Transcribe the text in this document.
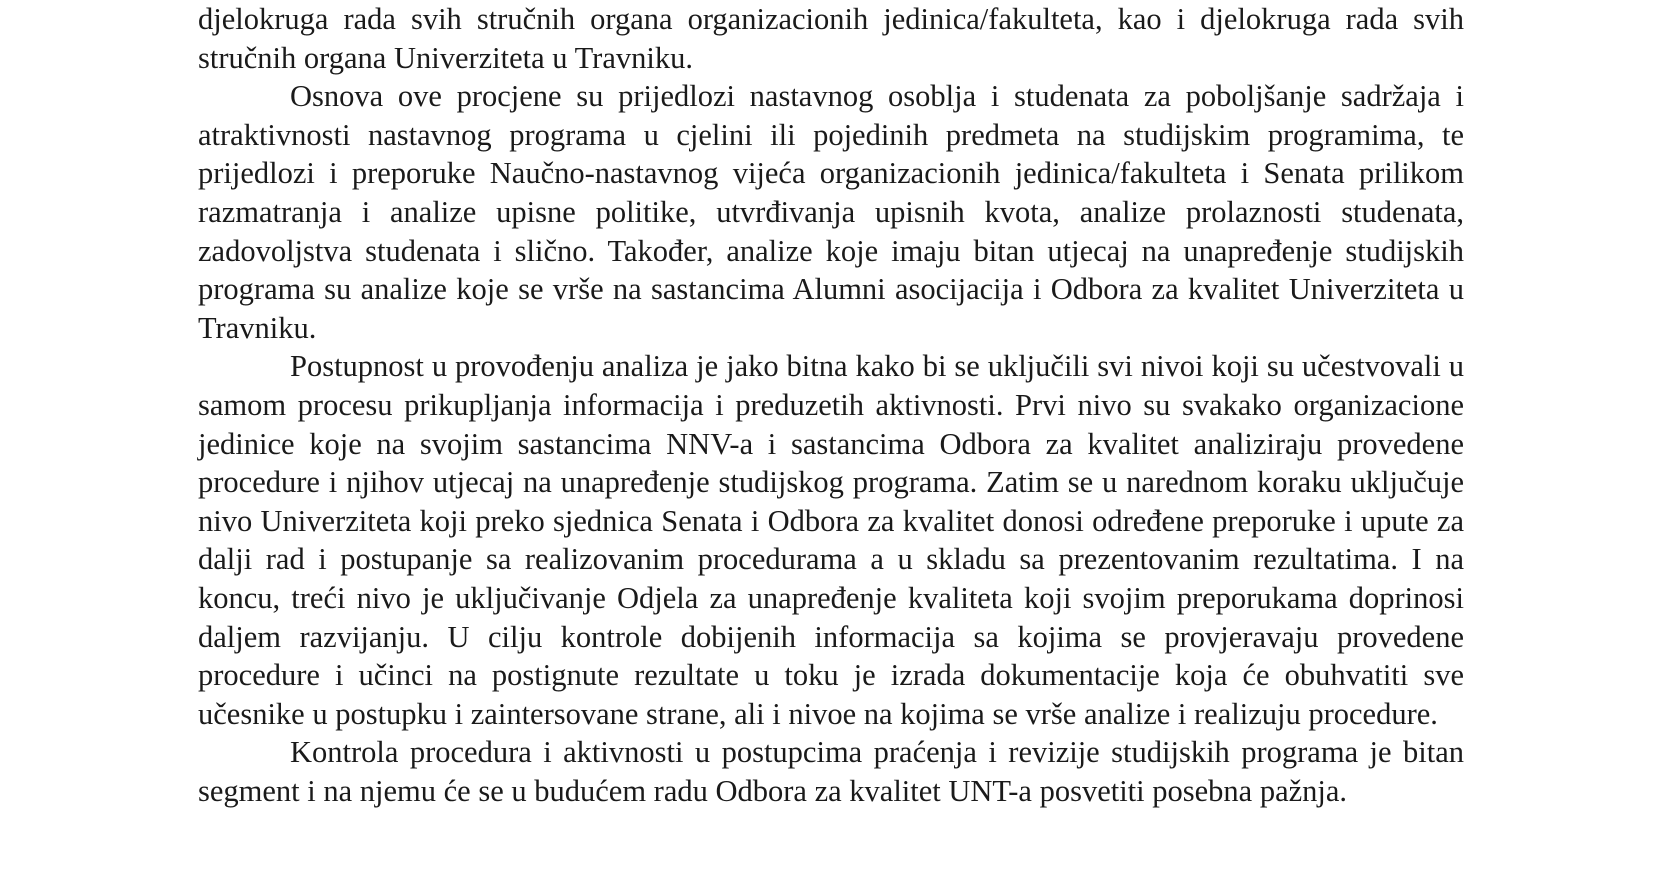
djelokruga rada svih stručnih organa organizacionih jedinica/fakulteta, kao i djelokruga rada svih stručnih organa Univerziteta u Travniku.

Osnova ove procjene su prijedlozi nastavnog osoblja i studenata za poboljšanje sadržaja i atraktivnosti nastavnog programa u cjelini ili pojedinih predmeta na studijskim programima, te prijedlozi i preporuke Naučno-nastavnog vijeća organizacionih jedinica/fakulteta i Senata prilikom razmatranja i analize upisne politike, utvrđivanja upisnih kvota, analize prolaznosti studenata, zadovoljstva studenata i slično. Također, analize koje imaju bitan utjecaj na unapređenje studijskih programa su analize koje se vrše na sastancima Alumni asocijacija i Odbora za kvalitet Univerziteta u Travniku.

Postupnost u provođenju analiza je jako bitna kako bi se uključili svi nivoi koji su učestvovali u samom procesu prikupljanja informacija i preduzetih aktivnosti. Prvi nivo su svakako organizacione jedinice koje na svojim sastancima NNV-a i sastancima Odbora za kvalitet analiziraju provedene procedure i njihov utjecaj na unapređenje studijskog programa. Zatim se u narednom koraku uključuje nivo Univerziteta koji preko sjednica Senata i Odbora za kvalitet donosi određene preporuke i upute za dalji rad i postupanje sa realizovanim procedurama a u skladu sa prezentovanim rezultatima. I na koncu, treći nivo je uključivanje Odjela za unapređenje kvaliteta koji svojim preporukama doprinosi daljem razvijanju. U cilju kontrole dobijenih informacija sa kojima se provjeravaju provedene procedure i učinci na postignute rezultate u toku je izrada dokumentacije koja će obuhvatiti sve učesnike u postupku i zaintersovane strane, ali i nivoe na kojima se vrše analize i realizuju procedure.

Kontrola procedura i aktivnosti u postupcima praćenja i revizije studijskih programa je bitan segment i na njemu će se u budućem radu Odbora za kvalitet UNT-a posvetiti posebna pažnja.
